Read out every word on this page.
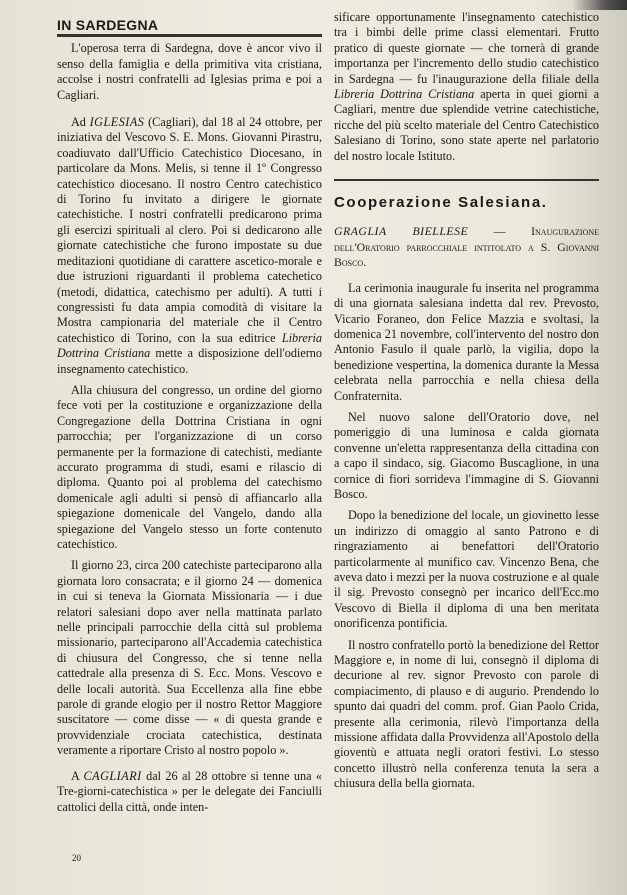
IN SARDEGNA

L'operosa terra di Sardegna, dove è ancor vivo il senso della famiglia e della primitiva vita cristiana, accolse i nostri confratelli ad Iglesias prima e poi a Cagliari.

Ad IGLESIAS (Cagliari), dal 18 al 24 ottobre, per iniziativa del Vescovo S. E. Mons. Giovanni Pirastru, coadiuvato dall'Ufficio Catechistico Diocesano, in particolare da Mons. Melis, si tenne il 1º Congresso catechistico diocesano. Il nostro Centro catechistico di Torino fu invitato a dirigere le giornate catechistiche. I nostri confratelli predicarono prima gli esercizi spirituali al clero. Poi si dedicarono alle giornate catechistiche che furono impostate su due meditazioni quotidiane di carattere ascetico-morale e due istruzioni riguardanti il problema catechetico (metodi, didattica, catechismo per adulti). A tutti i congressisti fu data ampia comodità di visitare la Mostra campionaria del materiale che il Centro catechistico di Torino, con la sua editrice Libreria Dottrina Cristiana mette a disposizione dell'odierno insegnamento catechistico.

Alla chiusura del congresso, un ordine del giorno fece voti per la costituzione e organizzazione della Congregazione della Dottrina Cristiana in ogni parrocchia; per l'organizzazione di un corso permanente per la formazione di catechisti, mediante accurato programma di studi, esami e rilascio di diploma. Quanto poi al problema del catechismo domenicale agli adulti si pensò di affiancarlo alla spiegazione domenicale del Vangelo, dando alla spiegazione del Vangelo stesso un forte contenuto catechistico.

Il giorno 23, circa 200 catechiste parteciparono alla giornata loro consacrata; e il giorno 24 — domenica in cui si teneva la Giornata Missionaria — i due relatori salesiani dopo aver nella mattinata parlato nelle principali parrocchie della città sul problema missionario, parteciparono all'Accademia catechistica di chiusura del Congresso, che si tenne nella cattedrale alla presenza di S. Ecc. Mons. Vescovo e delle locali autorità. Sua Eccellenza alla fine ebbe parole di grande elogio per il nostro Rettor Maggiore suscitatore — come disse — « di questa grande e provvidenziale crociata catechistica, destinata veramente a riportare Cristo al nostro popolo ».

A CAGLIARI dal 26 al 28 ottobre si tenne una « Tre-giorni-catechistica » per le delegate dei Fanciulli cattolici della città, onde inten-

20

sificare opportunamente l'insegnamento catechistico tra i bimbi delle prime classi elementari. Frutto pratico di queste giornate — che tornerà di grande importanza per l'incremento dello studio catechistico in Sardegna — fu l'inaugurazione della filiale della Libreria Dottrina Cristiana aperta in quei giorni a Cagliari, mentre due splendide vetrine catechistiche, ricche del più scelto materiale del Centro Catechistico Salesiano di Torino, sono state aperte nel parlatorio del nostro locale Istituto.

Cooperazione Salesiana.

GRAGLIA BIELLESE — Inaugurazione dell'Oratorio parrocchiale intitolato a S. Giovanni Bosco.

La cerimonia inaugurale fu inserita nel programma di una giornata salesiana indetta dal rev. Prevosto, Vicario Foraneo, don Felice Mazzia e svoltasi, la domenica 21 novembre, coll'intervento del nostro don Antonio Fasulo il quale parlò, la vigilia, dopo la benedizione vespertina, la domenica durante la Messa celebrata nella parrocchia e nella chiesa della Confraternita.

Nel nuovo salone dell'Oratorio dove, nel pomeriggio di una luminosa e calda giornata convenne un'eletta rappresentanza della cittadina con a capo il sindaco, sig. Giacomo Buscaglione, in una cornice di fiori sorrideva l'immagine di S. Giovanni Bosco.

Dopo la benedizione del locale, un giovinetto lesse un indirizzo di omaggio al santo Patrono e di ringraziamento ai benefattori dell'Oratorio particolarmente al munifico cav. Vincenzo Bena, che aveva dato i mezzi per la nuova costruzione e al quale il sig. Prevosto consegnò per incarico dell'Ecc.mo Vescovo di Biella il diploma di una ben meritata onorificenza pontificia.

Il nostro confratello portò la benedizione del Rettor Maggiore e, in nome di lui, consegnò il diploma di decurione al rev. signor Prevosto con parole di compiacimento, di plauso e di augurio. Prendendo lo spunto dai quadri del comm. prof. Gian Paolo Crida, presente alla cerimonia, rilevò l'importanza della missione affidata dalla Provvidenza all'Apostolo della gioventù e attuata negli oratori festivi. Lo stesso concetto illustrò nella conferenza tenuta la sera a chiusura della bella giornata.
